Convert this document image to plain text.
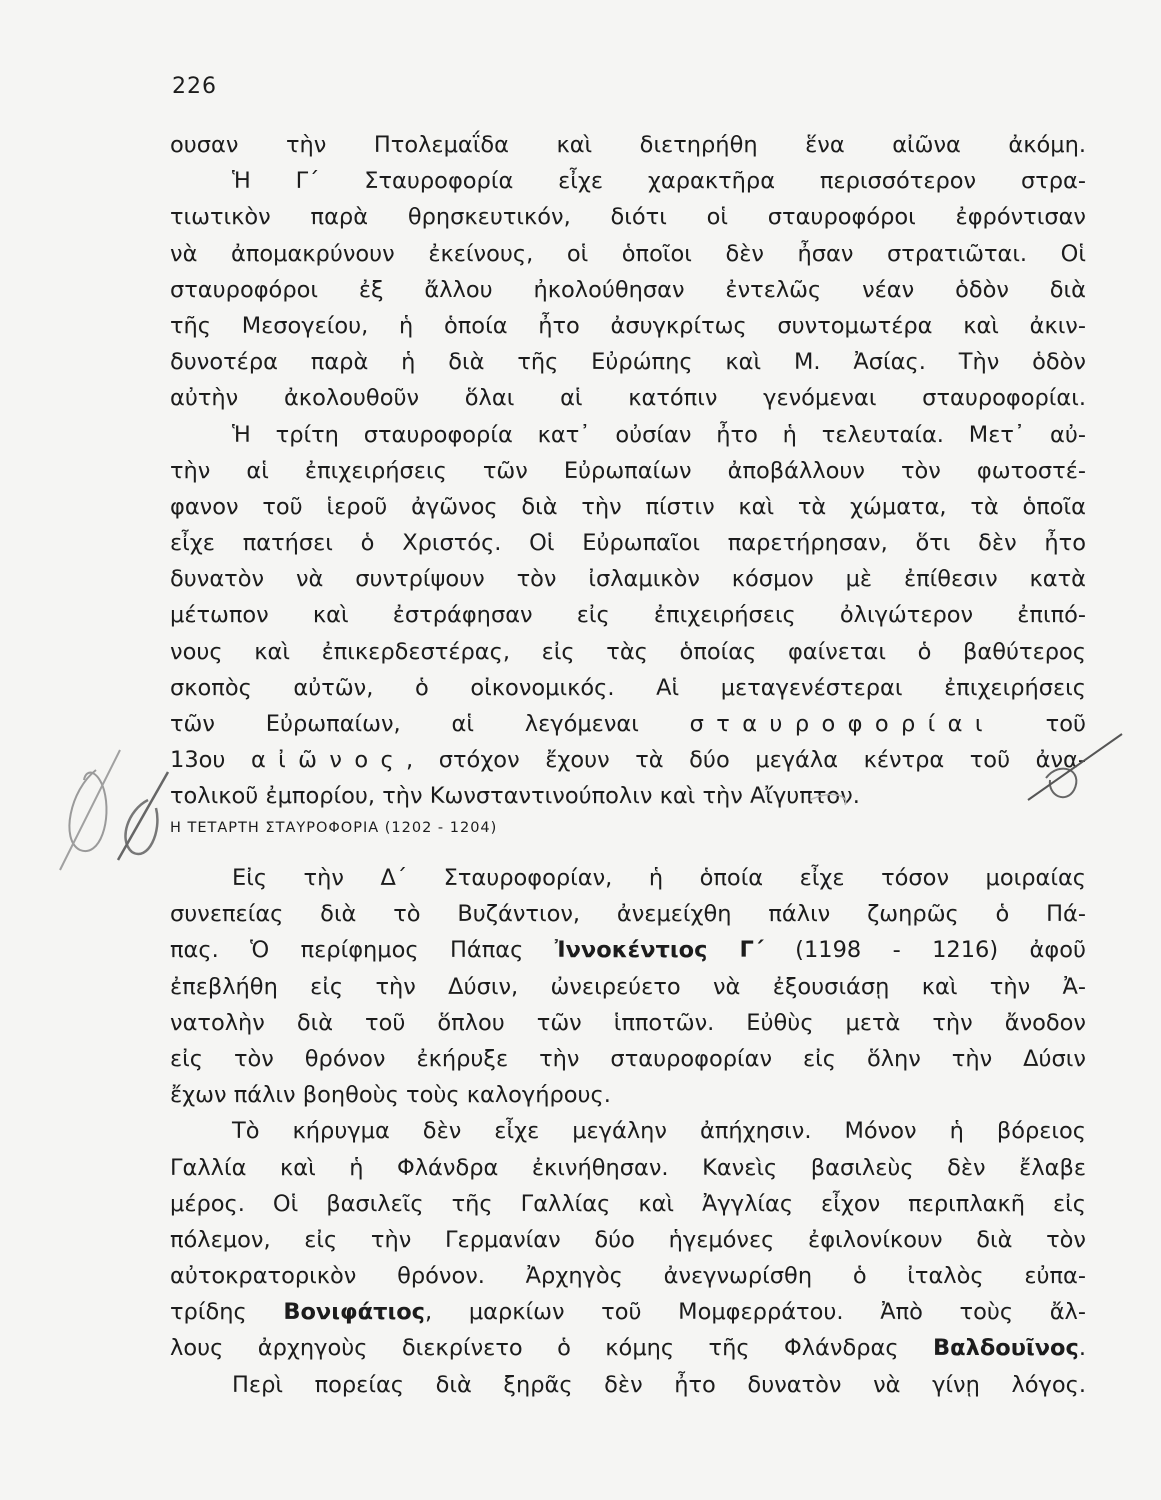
226
ουσαν τὴν Πτολεμαΐδα καὶ διετηρήθη ἕνα αἰῶνα ἀκόμη.
Ἡ Γ΄ Σταυροφορία εἶχε χαρακτῆρα περισσότερον στρα-
τιωτικὸν παρὰ θρησκευτικόν, διότι οἱ σταυροφόροι ἐφρόντισαν
νὰ ἀπομακρύνουν ἐκείνους, οἱ ὁποῖοι δὲν ἦσαν στρατιῶται. Οἱ
σταυροφόροι ἐξ ἄλλου ἠκολούθησαν ἐντελῶς νέαν ὁδὸν διὰ
τῆς Μεσογείου, ἡ ὁποία ἦτο ἀσυγκρίτως συντομωτέρα καὶ ἀκιν-
δυνοτέρα παρὰ ἡ διὰ τῆς Εὐρώπης καὶ Μ. Ἀσίας. Τὴν ὁδὸν
αὐτὴν ἀκολουθοῦν ὅλαι αἱ κατόπιν γενόμεναι σταυροφορίαι.
Ἡ τρίτη σταυροφορία κατ᾿ οὐσίαν ἦτο ἡ τελευταία. Μετ᾿ αὐ-
τὴν αἱ ἐπιχειρήσεις τῶν Εὐρωπαίων ἀποβάλλουν τὸν φωτοστέ-
φανον τοῦ ἱεροῦ ἀγῶνος διὰ τὴν πίστιν καὶ τὰ χώματα, τὰ ὁποῖα
εἶχε πατήσει ὁ Χριστός. Οἱ Εὐρωπαῖοι παρετήρησαν, ὅτι δὲν ἦτο
δυνατὸν νὰ συντρίψουν τὸν ἰσλαμικὸν κόσμον μὲ ἐπίθεσιν κατὰ
μέτωπον καὶ ἐστράφησαν εἰς ἐπιχειρήσεις ὀλιγώτερον ἐπιπό-
νους καὶ ἐπικερδεστέρας, εἰς τὰς ὁποίας φαίνεται ὁ βαθύτερος
σκοπὸς αὐτῶν, ὁ οἰκονομικός. Αἱ μεταγενέστεραι ἐπιχειρήσεις
τῶν Εὐρωπαίων, αἱ λεγόμεναι σταυροφορίαι τοῦ
13ου αἰῶνος, στόχον ἔχουν τὰ δύο μεγάλα κέντρα τοῦ ἀνα-
τολικοῦ ἐμπορίου, τὴν Κωνσταντινούπολιν καὶ τὴν Αἴγυπτον.
Η ΤΕΤΑΡΤΗ ΣΤΑΥΡΟΦΟΡΙΑ (1202 - 1204)
Εἰς τὴν Δ΄ Σταυροφορίαν, ἡ ὁποία εἶχε τόσον μοιραίας
συνεπείας διὰ τὸ Βυζάντιον, ἀνεμείχθη πάλιν ζωηρῶς ὁ Πά-
πας. Ὁ περίφημος Πάπας Ἰννοκέντιος Γ΄ (1198 - 1216) ἀφοῦ
ἐπεβλήθη εἰς τὴν Δύσιν, ὠνειρεύετο νὰ ἐξουσιάσῃ καὶ τὴν Ἀ-
νατολὴν διὰ τοῦ ὅπλου τῶν ἱπποτῶν. Εὐθὺς μετὰ τὴν ἄνοδον
εἰς τὸν θρόνον ἐκήρυξε τὴν σταυροφορίαν εἰς ὅλην τὴν Δύσιν
ἔχων πάλιν βοηθοὺς τοὺς καλογήρους.
Τὸ κήρυγμα δὲν εἶχε μεγάλην ἀπήχησιν. Μόνον ἡ βόρειος
Γαλλία καὶ ἡ Φλάνδρα ἐκινήθησαν. Κανεὶς βασιλεὺς δὲν ἔλαβε
μέρος. Οἱ βασιλεῖς τῆς Γαλλίας καὶ Ἀγγλίας εἶχον περιπλακῆ εἰς
πόλεμον, εἰς τὴν Γερμανίαν δύο ἡγεμόνες ἐφιλονίκουν διὰ τὸν
αὐτοκρατορικὸν θρόνον. Ἀρχηγὸς ἀνεγνωρίσθη ὁ ἰταλὸς εὐπα-
τρίδης Βονιφάτιος, μαρκίων τοῦ Μομφερράτου. Ἀπὸ τοὺς ἄλ-
λους ἀρχηγοὺς διεκρίνετο ὁ κόμης τῆς Φλάνδρας Βαλδουῖνος.
Περὶ πορείας διὰ ξηρᾶς δὲν ἦτο δυνατὸν νὰ γίνῃ λόγος.
